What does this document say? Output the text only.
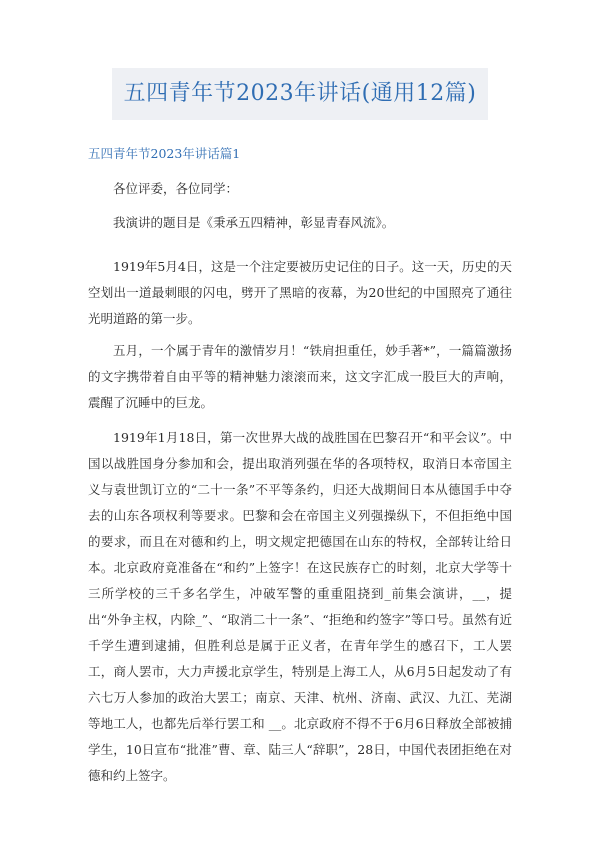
五四青年节2023年讲话(通用12篇)
五四青年节2023年讲话篇1

各位评委，各位同学：

我演讲的题目是《秉承五四精神，彰显青春风流》。

1919年5月4日，这是一个注定要被历史记住的日子。这一天，历史的天空划出一道最刺眼的闪电，劈开了黑暗的夜幕，为20世纪的中国照亮了通往光明道路的第一步。

五月，一个属于青年的激情岁月！“铁肩担重任，妙手著*”，一篇篇激扬的文字携带着自由平等的精神魅力滚滚而来，这文字汇成一股巨大的声响，震醒了沉睡中的巨龙。

1919年1月18日，第一次世界大战的战胜国在巴黎召开“和平会议”。中国以战胜国身分参加和会，提出取消列强在华的各项特权，取消日本帝国主义与袁世凯订立的“二十一条”不平等条约，归还大战期间日本从德国手中夺去的山东各项权利等要求。巴黎和会在帝国主义列强操纵下，不但拒绝中国的要求，而且在对德和约上，明文规定把德国在山东的特权，全部转让给日本。北京政府竟准备在“和约”上签字！在这民族存亡的时刻，北京大学等十三所学校的三千多名学生，冲破军警的重重阻挠到_前集会演讲，__，提出“外争主权，内除_”、“取消二十一条”、“拒绝和约签字”等口号。虽然有近千学生遭到逮捕，但胜利总是属于正义者，在青年学生的感召下，工人罢工，商人罢市，大力声援北京学生，特别是上海工人，从6月5日起发动了有六七万人参加的政治大罢工；南京、天津、杭州、济南、武汉、九江、芜湖等地工人，也都先后举行罢工和 __。北京政府不得不于6月6日释放全部被捕学生，10日宣布“批准”曹、章、陆三人“辞职”，28日，中国代表团拒绝在对德和约上签字。
